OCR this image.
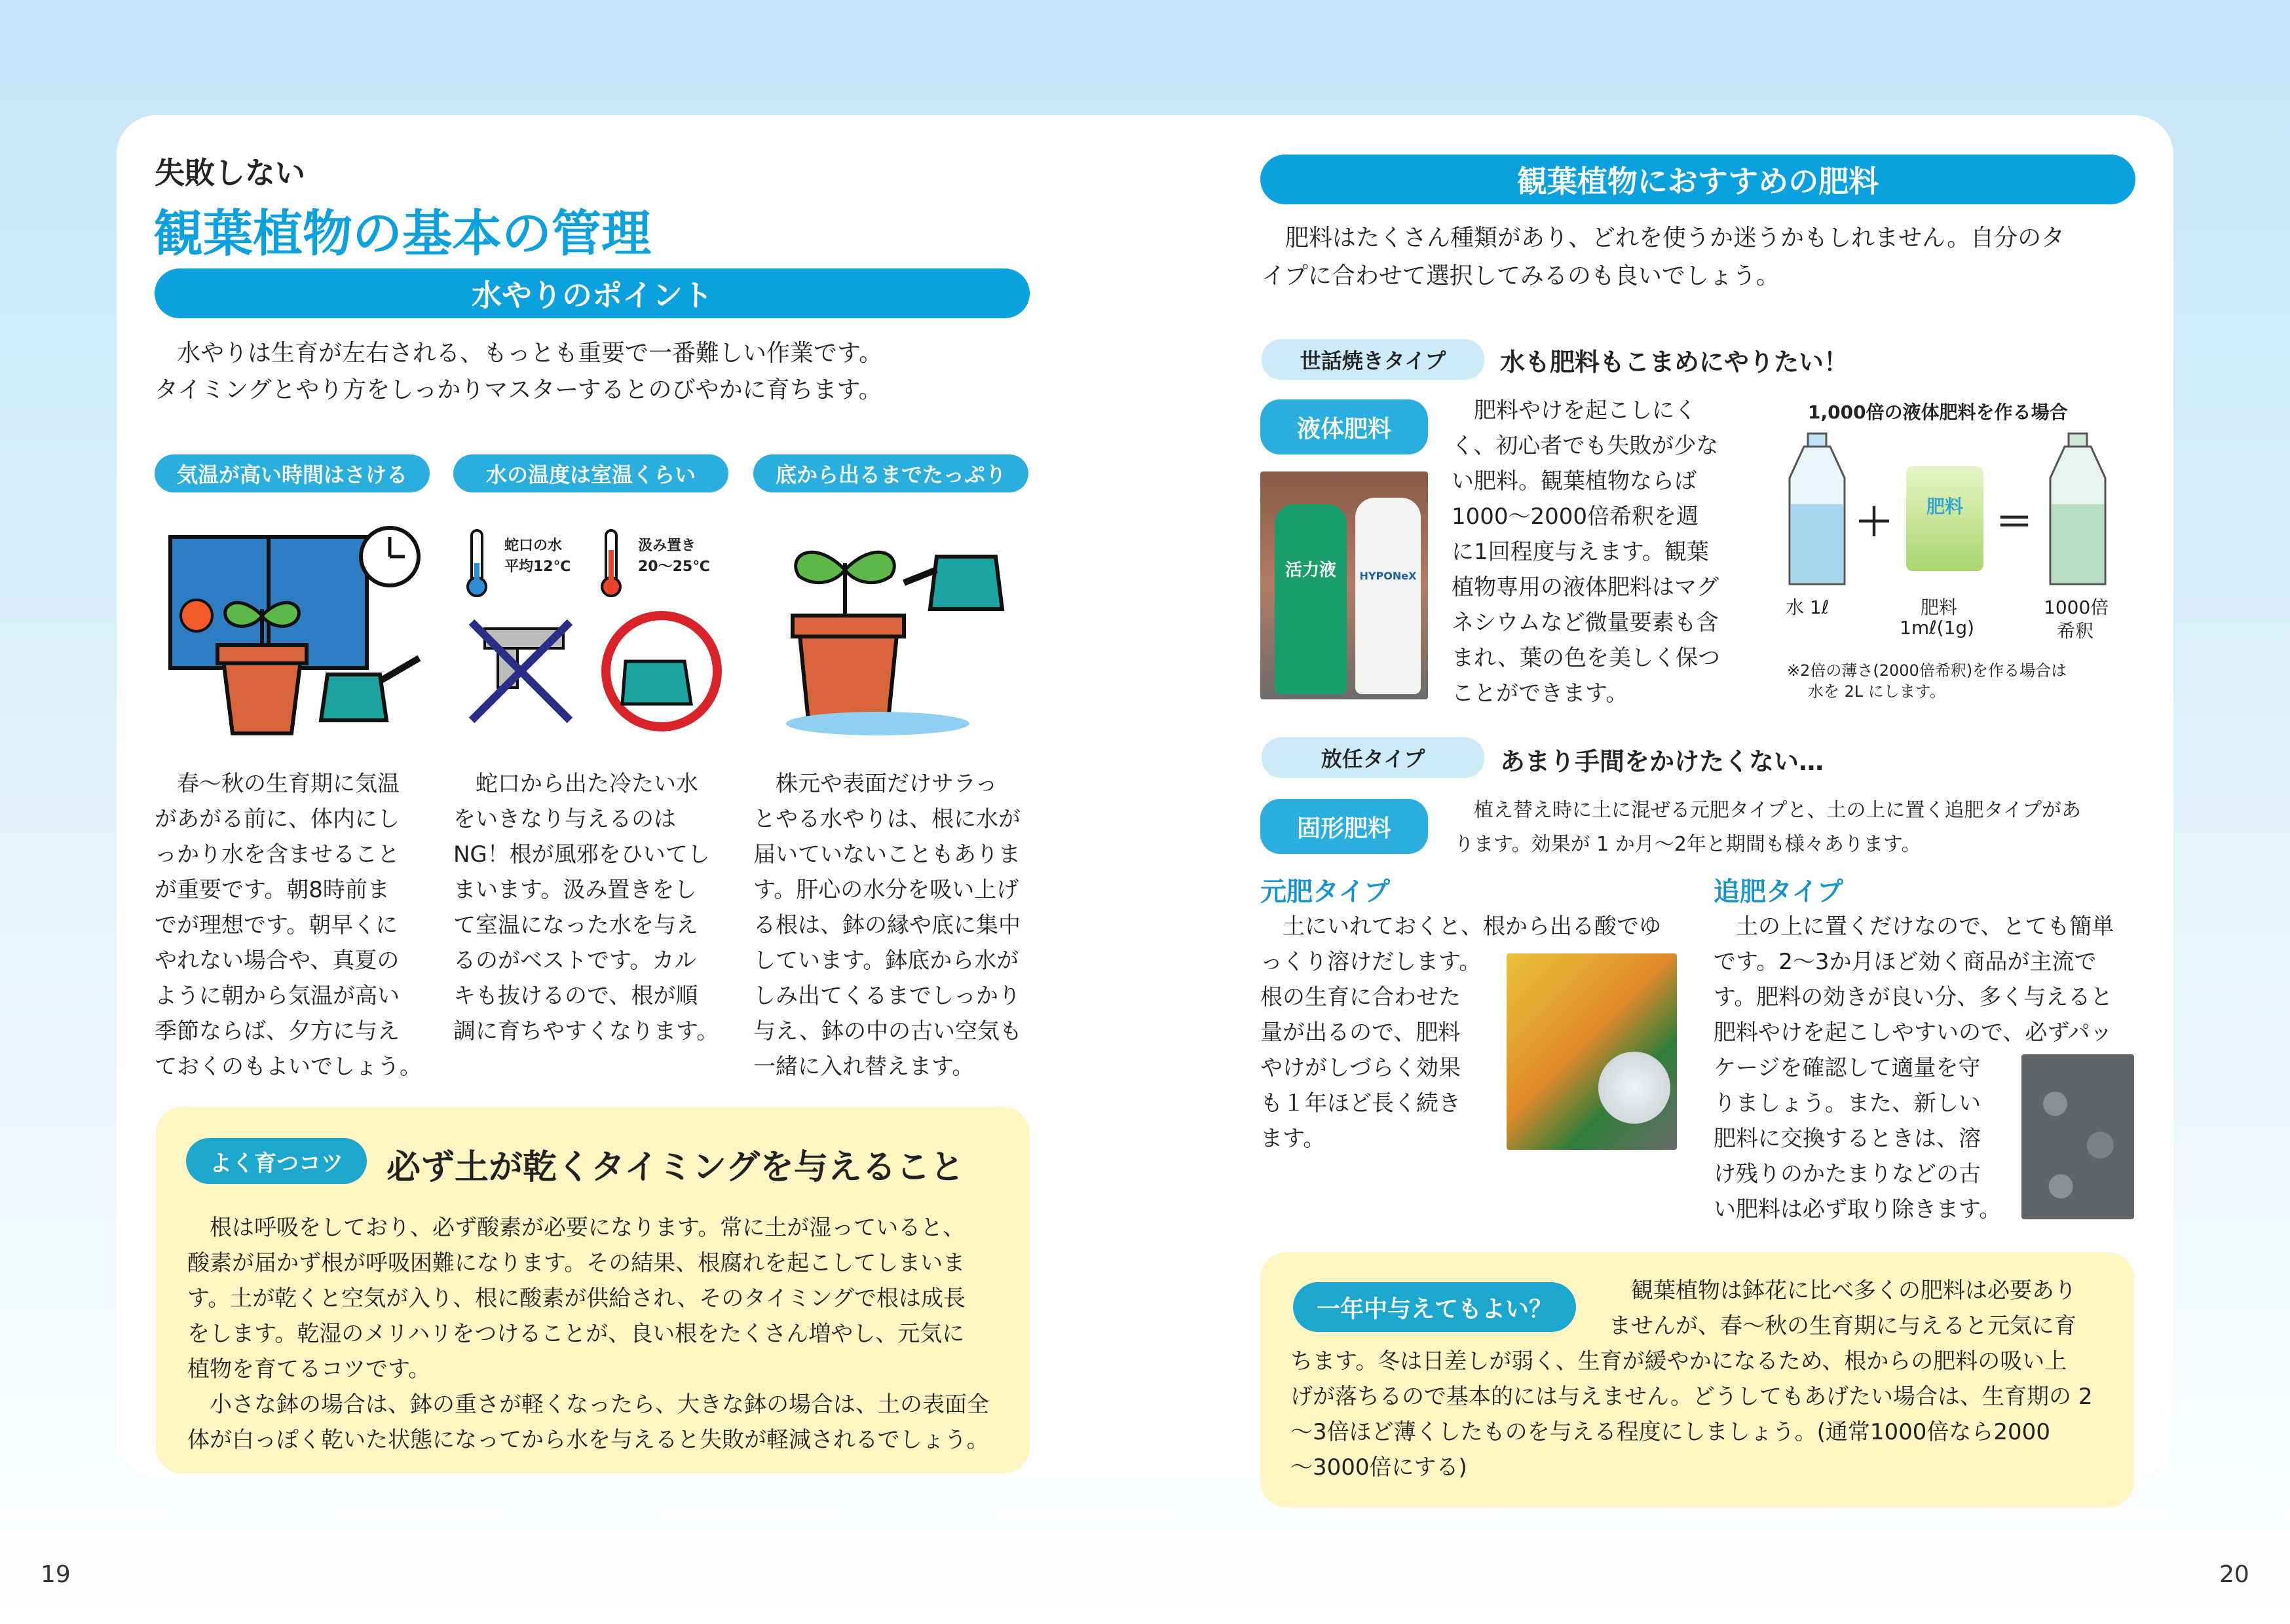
失敗しない
観葉植物の基本の管理
水やりのポイント
水やりは生育が左右される、もっとも重要で一番難しい作業です。
タイミングとやり方をしっかりマスターするとのびやかに育ちます。
気温が高い時間はさける	水の温度は室温くらい	底から出るまでたっぷり
蛇口の水
平均12℃
汲み置き
20〜25℃
春〜秋の生育期に気温
があがる前に、体内にし
っかり水を含ませること
が重要です。朝8時前ま
でが理想です。朝早くに
やれない場合や、真夏の
ように朝から気温が高い
季節ならば、夕方に与え
ておくのもよいでしょう。
蛇口から出た冷たい水
をいきなり与えるのは
NG！根が風邪をひいてし
まいます。汲み置きをし
て室温になった水を与え
るのがベストです。カル
キも抜けるので、根が順
調に育ちやすくなります。
株元や表面だけサラっ
とやる水やりは、根に水が
届いていないこともありま
す。肝心の水分を吸い上げ
る根は、鉢の縁や底に集中
しています。鉢底から水が
しみ出てくるまでしっかり
与え、鉢の中の古い空気も
一緒に入れ替えます。
よく育つコツ	必ず土が乾くタイミングを与えること
根は呼吸をしており、必ず酸素が必要になります。常に土が湿っていると、
酸素が届かず根が呼吸困難になります。その結果、根腐れを起こしてしまいま
す。土が乾くと空気が入り、根に酸素が供給され、そのタイミングで根は成長
をします。乾湿のメリハリをつけることが、良い根をたくさん増やし、元気に
植物を育てるコツです。
小さな鉢の場合は、鉢の重さが軽くなったら、大きな鉢の場合は、土の表面全
体が白っぽく乾いた状態になってから水を与えると失敗が軽減されるでしょう。
19
観葉植物におすすめの肥料
肥料はたくさん種類があり、どれを使うか迷うかもしれません。自分のタ
イプに合わせて選択してみるのも良いでしょう。
世話焼きタイプ	水も肥料もこまめにやりたい！
液体肥料
活力液	HYPONeX
肥料やけを起こしにく
く、初心者でも失敗が少な
い肥料。観葉植物ならば
1000〜2000倍希釈を週
に1回程度与えます。観葉
植物専用の液体肥料はマグ
ネシウムなど微量要素も含
まれ、葉の色を美しく保つ
ことができます。
1,000倍の液体肥料を作る場合
＋	肥料 ＝
水 1ℓ	肥料
1mℓ(1g)
1000倍
希釈
※2倍の薄さ(2000倍希釈)を作る場合は
水を 2L にします。
放任タイプ	あまり手間をかけたくない…
固形肥料
植え替え時に土に混ぜる元肥タイプと、土の上に置く追肥タイプがあ
ります。効果が 1 か月〜2年と期間も様々あります。
元肥タイプ
土にいれておくと、根から出る酸でゆ
っくり溶けだします。
根の生育に合わせた
量が出るので、肥料
やけがしづらく効果
も１年ほど長く続き
ます。
追肥タイプ
土の上に置くだけなので、とても簡単
です。2〜3か月ほど効く商品が主流で
す。肥料の効きが良い分、多く与えると
肥料やけを起こしやすいので、必ずパッ
ケージを確認して適量を守
りましょう。また、新しい
肥料に交換するときは、溶
け残りのかたまりなどの古
い肥料は必ず取り除きます。
一年中与えてもよい？
観葉植物は鉢花に比べ多くの肥料は必要あり
ませんが、春〜秋の生育期に与えると元気に育
ちます。冬は日差しが弱く、生育が緩やかになるため、根からの肥料の吸い上
げが落ちるので基本的には与えません。どうしてもあげたい場合は、生育期の 2
〜3倍ほど薄くしたものを与える程度にしましょう。(通常1000倍なら2000
〜3000倍にする)
20
